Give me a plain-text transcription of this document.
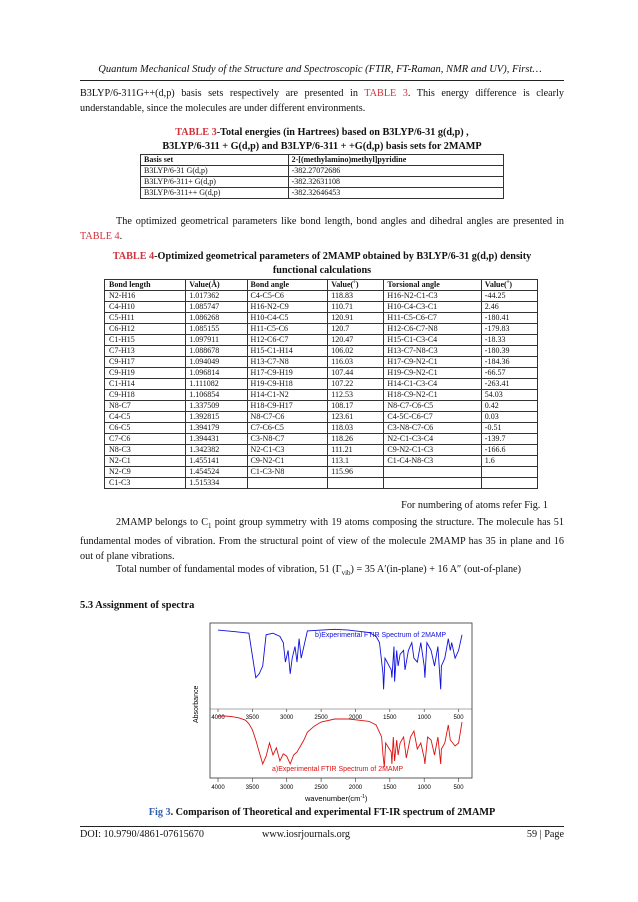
Quantum Mechanical Study of the Structure and Spectroscopic (FTIR, FT-Raman, NMR and UV), First…
B3LYP/6-311G++(d,p) basis sets respectively are presented in TABLE 3. This energy difference is clearly understandable, since the molecules are under different environments.
TABLE 3-Total energies (in Hartrees) based on B3LYP/6-31 g(d,p) ,
B3LYP/6-311 + G(d,p) and B3LYP/6-311 + +G(d,p) basis sets for 2MAMP
Basis set	2-[(methylamino)methyl]pyridine
B3LYP/6-31 G(d,p)	-382.27072686
B3LYP/6-311+ G(d,p)	-382.32631108
B3LYP/6-311++ G(d,p)	-382.32646453
The optimized geometrical parameters like bond length, bond angles and dihedral angles are presented in TABLE 4.
TABLE 4-Optimized geometrical parameters of 2MAMP obtained by B3LYP/6-31 g(d,p) density
functional calculations
Bond length	Value(Å)	Bond angle	Value(˚)	Torsional angle	Value(˚)
N2-H16	1.017362	C4-C5-C6	118.83	H16-N2-C1-C3	-44.25
C4-H10	1.085747	H16-N2-C9	110.71	H10-C4-C3-C1	2.46
C5-H11	1.086268	H10-C4-C5	120.91	H11-C5-C6-C7	-180.41
C6-H12	1.085155	H11-C5-C6	120.7	H12-C6-C7-N8	-179.83
C1-H15	1.097911	H12-C6-C7	120.47	H15-C1-C3-C4	-18.33
C7-H13	1.088678	H15-C1-H14	106.02	H13-C7-N8-C3	-180.39
C9-H17	1.094049	H13-C7-N8	116.03	H17-C9-N2-C1	-184.36
C9-H19	1.096814	H17-C9-H19	107.44	H19-C9-N2-C1	-66.57
C1-H14	1.111082	H19-C9-H18	107.22	H14-C1-C3-C4	-263.41
C9-H18	1.106854	H14-C1-N2	112.53	H18-C9-N2-C1	54.03
N8-C7	1.337509	H18-C9-H17	108.17	N8-C7-C6-C5	0.42
C4-C5	1.392815	N8-C7-C6	123.61	C4-5C-C6-C7	0.03
C6-C5	1.394179	C7-C6-C5	118.03	C3-N8-C7-C6	-0.51
C7-C6	1.394431	C3-N8-C7	118.26	N2-C1-C3-C4	-139.7
N8-C3	1.342382	N2-C1-C3	111.21	C9-N2-C1-C3	-166.6
N2-C1	1.455141	C9-N2-C1	113.1	C1-C4-N8-C3	1.6
N2-C9	1.454524	C1-C3-N8	115.96		
C1-C3	1.515334				
For numbering of atoms refer Fig. 1
2MAMP belongs to $C_1$ point group symmetry with 19 atoms composing the structure. The molecule has 51 fundamental modes of vibration. From the structural point of view of the molecule 2MAMP has 35 in plane and 16 out of plane vibrations.
Total number of fundamental modes of vibration, 51 $(\Gamma_{vib}) = 35$ A′(in-plane) + 16 A″ (out-of-plane)
5.3 Assignment of spectra
4000	3500	3000	2500	2000	1500	1000	500
4000	3500	3000	2500	2000	1500	1000	500
b)Experimental FTIR Spectrum of 2MAMP
a)Experimental FTIR Spectrum of 2MAMP
Absorbance
$wavenumber(cm^{-1})$
Fig 3. Comparison of Theoretical and experimental FT-IR spectrum of 2MAMP
DOI: 10.9790/4861-07615670	www.iosrjournals.org	59 | Page
